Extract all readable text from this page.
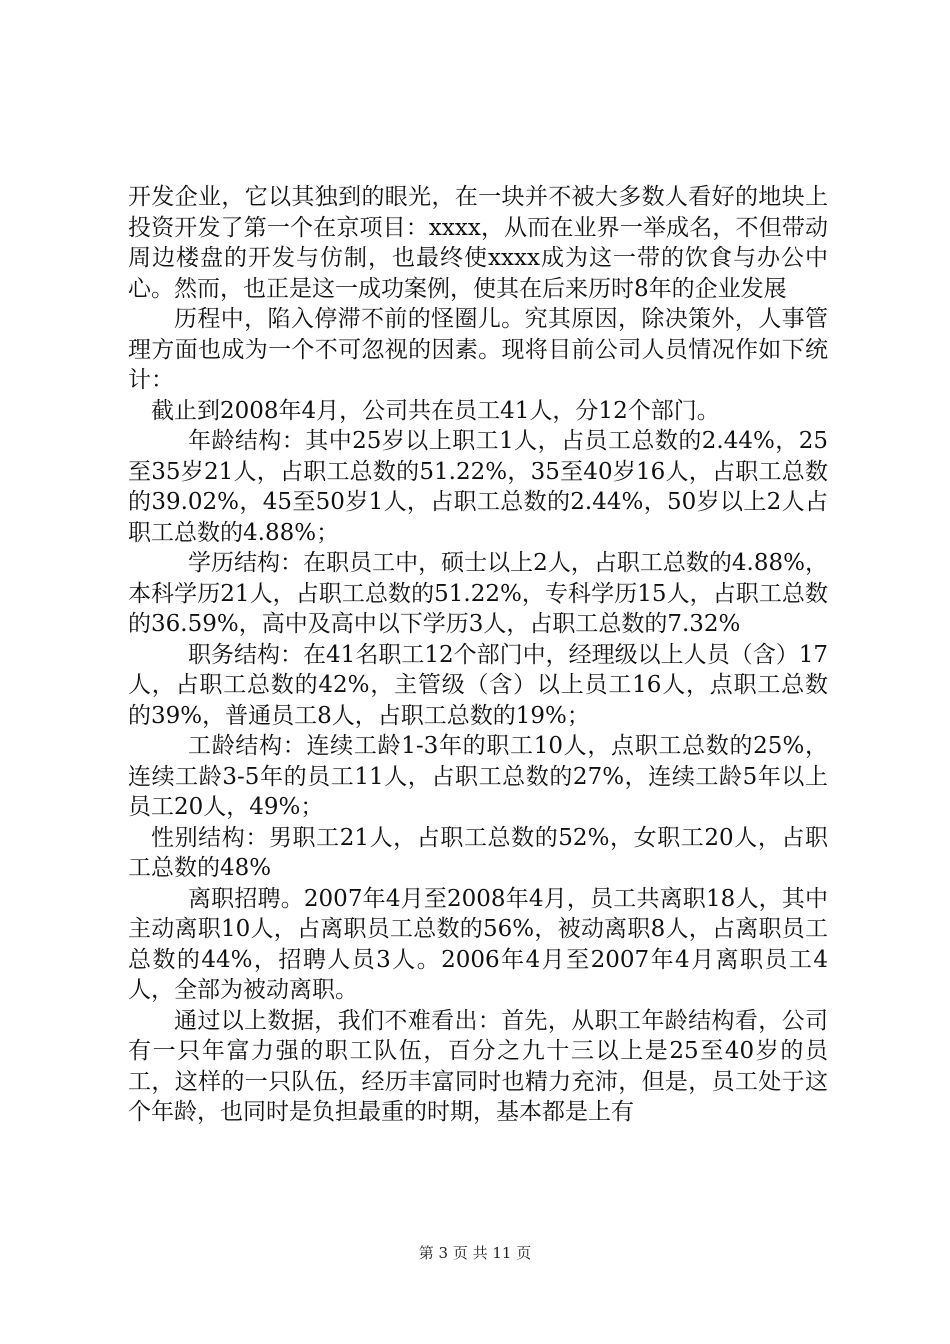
开发企业，它以其独到的眼光，在一块并不被大多数人看好的地块上投资开发了第一个在京项目：xxxx，从而在业界一举成名，不但带动周边楼盘的开发与仿制，也最终使xxxx成为这一带的饮食与办公中心。然而，也正是这一成功案例，使其在后来历时8年的企业发展

历程中，陷入停滞不前的怪圈儿。究其原因，除决策外，人事管理方面也成为一个不可忽视的因素。现将目前公司人员情况作如下统计：

截止到2008年4月，公司共在员工41人，分12个部门。

年龄结构：其中25岁以上职工1人，占员工总数的2.44%，25至35岁21人，占职工总数的51.22%，35至40岁16人，占职工总数的39.02%，45至50岁1人，占职工总数的2.44%，50岁以上2人占职工总数的4.88%；

学历结构：在职员工中，硕士以上2人，占职工总数的4.88%，本科学历21人，占职工总数的51.22%，专科学历15人，占职工总数的36.59%，高中及高中以下学历3人，占职工总数的7.32%

职务结构：在41名职工12个部门中，经理级以上人员（含）17人，占职工总数的42%，主管级（含）以上员工16人，点职工总数的39%，普通员工8人，占职工总数的19%；

工龄结构：连续工龄1-3年的职工10人，点职工总数的25%，连续工龄3-5年的员工11人，占职工总数的27%，连续工龄5年以上员工20人，49%；

性别结构：男职工21人，占职工总数的52%，女职工20人，占职工总数的48%

离职招聘。2007年4月至2008年4月，员工共离职18人，其中主动离职10人，占离职员工总数的56%，被动离职8人，占离职员工总数的44%，招聘人员3人。2006年4月至2007年4月离职员工4人，全部为被动离职。

通过以上数据，我们不难看出：首先，从职工年龄结构看，公司有一只年富力强的职工队伍，百分之九十三以上是25至40岁的员工，这样的一只队伍，经历丰富同时也精力充沛，但是，员工处于这个年龄，也同时是负担最重的时期，基本都是上有

第 3 页 共 11 页
